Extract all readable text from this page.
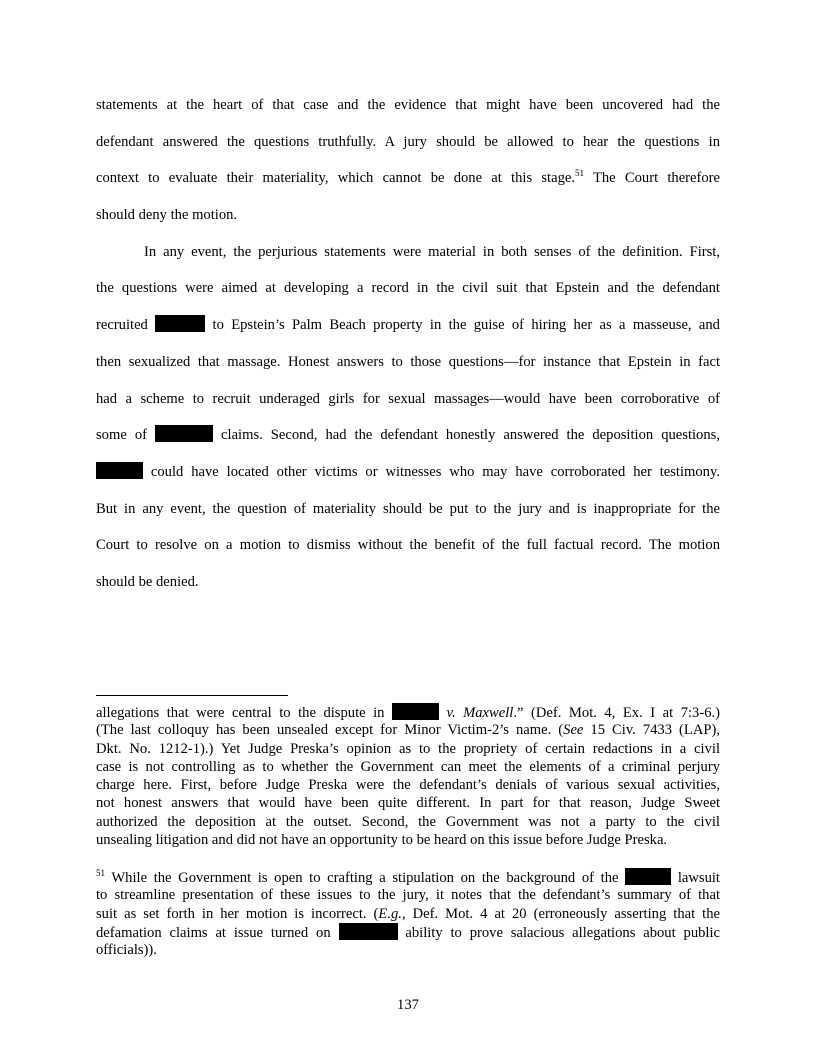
statements at the heart of that case and the evidence that might have been uncovered had the
defendant answered the questions truthfully. A jury should be allowed to hear the questions in
context to evaluate their materiality, which cannot be done at this stage.$^{51}$ The Court therefore
should deny the motion.
In any event, the perjurious statements were material in both senses of the definition. First,
the questions were aimed at developing a record in the civil suit that Epstein and the defendant
recruited	to Epstein’s Palm Beach property in the guise of hiring her as a masseuse, and
then sexualized that massage. Honest answers to those questions—for instance that Epstein in fact
had a scheme to recruit underaged girls for sexual massages—would have been corroborative of
some of	claims. Second, had the defendant honestly answered the deposition questions,
could have located other victims or witnesses who may have corroborated her testimony.
But in any event, the question of materiality should be put to the jury and is inappropriate for the
Court to resolve on a motion to dismiss without the benefit of the full factual record. The motion
should be denied.
allegations that were central to the dispute in	v. Maxwell.” (Def. Mot. 4, Ex. I at 7:3-6.)
(The last colloquy has been unsealed except for Minor Victim-2’s name. (See 15 Civ. 7433 (LAP),
Dkt. No. 1212-1).) Yet Judge Preska’s opinion as to the propriety of certain redactions in a civil
case is not controlling as to whether the Government can meet the elements of a criminal perjury
charge here. First, before Judge Preska were the defendant’s denials of various sexual activities,
not honest answers that would have been quite different. In part for that reason, Judge Sweet
authorized the deposition at the outset. Second, the Government was not a party to the civil
unsealing litigation and did not have an opportunity to be heard on this issue before Judge Preska.
$^{51}$ While the Government is open to crafting a stipulation on the background of the	lawsuit
to streamline presentation of these issues to the jury, it notes that the defendant’s summary of that
suit as set forth in her motion is incorrect. (E.g., Def. Mot. 4 at 20 (erroneously asserting that the
defamation claims at issue turned on	ability to prove salacious allegations about public
officials)).
137
